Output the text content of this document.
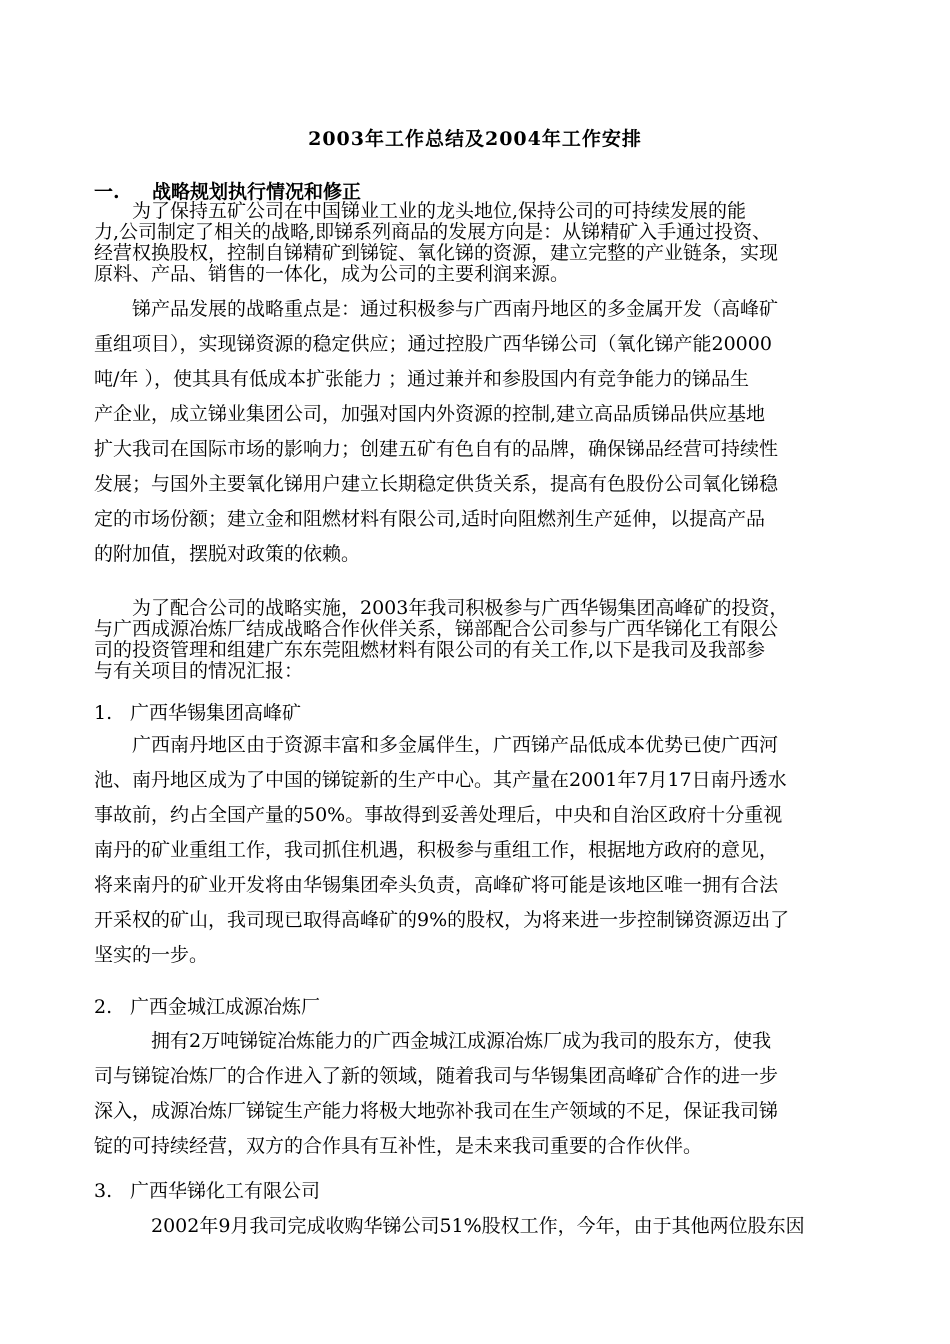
2003年工作总结及2004年工作安排
一. 战略规划执行情况和修正

　　为了保持五矿公司在中国锑业工业的龙头地位,保持公司的可持续发展的能

力,公司制定了相关的战略,即锑系列商品的发展方向是：从锑精矿入手通过投资、

经营权换股权，控制自锑精矿到锑锭、氧化锑的资源，建立完整的产业链条，实现

原料、产品、销售的一体化，成为公司的主要利润来源。

　　锑产品发展的战略重点是：通过积极参与广西南丹地区的多金属开发（高峰矿

重组项目），实现锑资源的稳定供应；通过控股广西华锑公司（氧化锑产能20000

吨/年 ），使其具有低成本扩张能力 ；通过兼并和参股国内有竞争能力的锑品生

产企业，成立锑业集团公司，加强对国内外资源的控制,建立高品质锑品供应基地

扩大我司在国际市场的影响力；创建五矿有色自有的品牌，确保锑品经营可持续性

发展；与国外主要氧化锑用户建立长期稳定供货关系，提高有色股份公司氧化锑稳

定的市场份额；建立金和阻燃材料有限公司,适时向阻燃剂生产延伸，以提高产品

的附加值，摆脱对政策的依赖。

　　为了配合公司的战略实施，2003年我司积极参与广西华锡集团高峰矿的投资，

与广西成源冶炼厂结成战略合作伙伴关系，锑部配合公司参与广西华锑化工有限公

司的投资管理和组建广东东莞阻燃材料有限公司的有关工作,以下是我司及我部参

与有关项目的情况汇报：

1. 广西华锡集团高峰矿

　　广西南丹地区由于资源丰富和多金属伴生，广西锑产品低成本优势已使广西河

池、南丹地区成为了中国的锑锭新的生产中心。其产量在2001年7月17日南丹透水

事故前，约占全国产量的50%。事故得到妥善处理后，中央和自治区政府十分重视

南丹的矿业重组工作，我司抓住机遇，积极参与重组工作，根据地方政府的意见，

将来南丹的矿业开发将由华锡集团牵头负责，高峰矿将可能是该地区唯一拥有合法

开采权的矿山，我司现已取得高峰矿的9%的股权，为将来进一步控制锑资源迈出了

坚实的一步。

2. 广西金城江成源冶炼厂

　　　拥有2万吨锑锭冶炼能力的广西金城江成源冶炼厂成为我司的股东方，使我

司与锑锭冶炼厂的合作进入了新的领域，随着我司与华锡集团高峰矿合作的进一步

深入，成源冶炼厂锑锭生产能力将极大地弥补我司在生产领域的不足，保证我司锑

锭的可持续经营，双方的合作具有互补性，是未来我司重要的合作伙伴。

3. 广西华锑化工有限公司

　　　2002年9月我司完成收购华锑公司51%股权工作，今年，由于其他两位股东因
